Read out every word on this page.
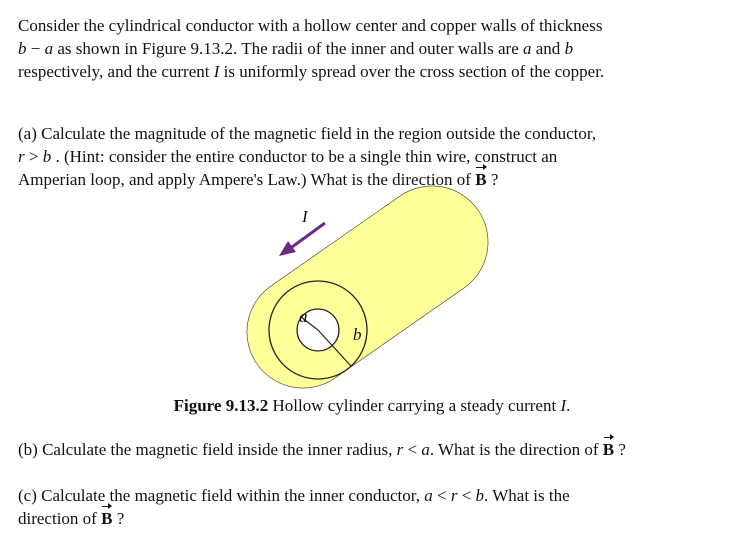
Consider the cylindrical conductor with a hollow center and copper walls of thickness
b − a as shown in Figure 9.13.2. The radii of the inner and outer walls are a and b
respectively, and the current I is uniformly spread over the cross section of the copper.
(a) Calculate the magnitude of the magnetic field in the region outside the conductor,
r > b . (Hint: consider the entire conductor to be a single thin wire, construct an
Amperian loop, and apply Ampere's Law.) What is the direction of B ?
I
a
b
Figure 9.13.2 Hollow cylinder carrying a steady current I.
(b) Calculate the magnetic field inside the inner radius, r < a. What is the direction of B ?
(c) Calculate the magnetic field within the inner conductor, a < r < b. What is the
direction of B ?
